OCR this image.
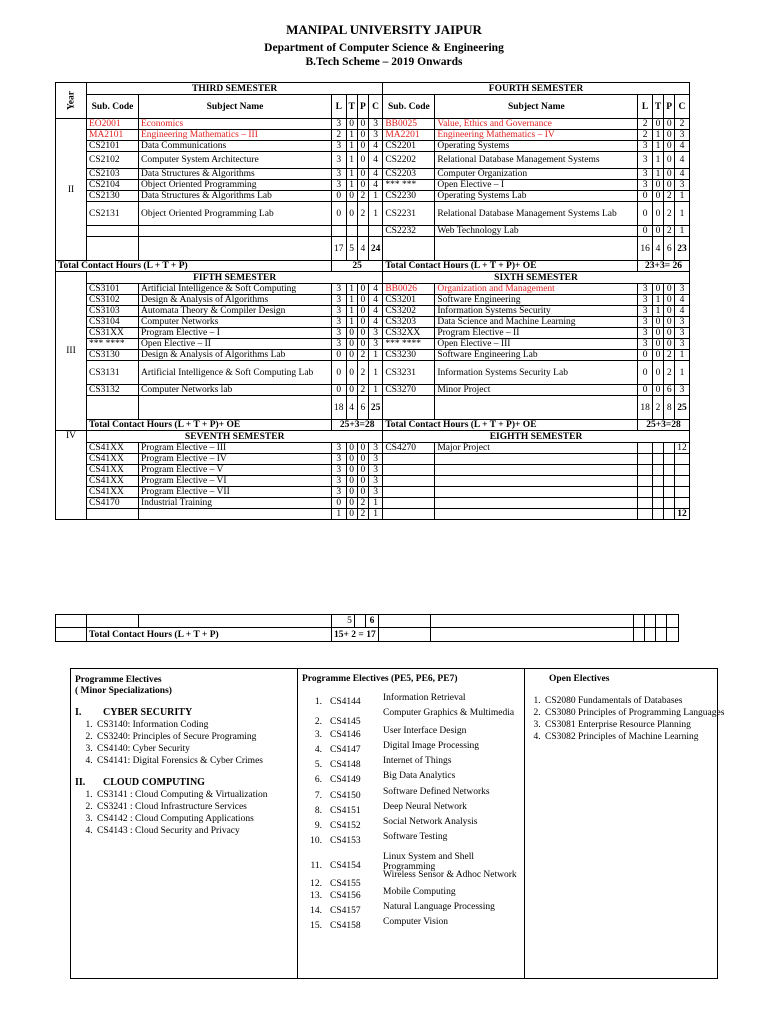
MANIPAL UNIVERSITY JAIPUR
Department of Computer Science & Engineering
B.Tech Scheme – 2019 Onwards
Year	THIRD SEMESTER						FOURTH SEMESTER					
	Sub. Code	Subject Name	L	T	P	C	Sub. Code	Subject Name	L	T	P	C
II	EO2001	Economics	3	0	0	3	BB0025	Value, Ethics and Governance	2	0	0	2
	MA2101	Engineering Mathematics – III	2	1	0	3	MA2201	Engineering Mathematics – IV	2	1	0	3
	CS2101	Data Communications	3	1	0	4	CS2201	Operating Systems	3	1	0	4
	CS2102	Computer System Architecture	3	1	0	4	CS2202	Relational Database Management Systems	3	1	0	4
	CS2103	Data Structures & Algorithms	3	1	0	4	CS2203	Computer Organization	3	1	0	4
	CS2104	Object Oriented Programming	3	1	0	4	*** ***	Open Elective – I	3	0	0	3
	CS2130	Data Structures & Algorithms Lab	0	0	2	1	CS2230	Operating Systems Lab	0	0	2	1
	CS2131	Object Oriented Programming Lab	0	0	2	1	CS2231	Relational Database Management Systems Lab	0	0	2	1
							CS2232	Web Technology Lab	0	0	2	1
			17	5	4	24			16	4	6	23
Total Contact Hours (L + T + P)			25				Total Contact Hours (L + T + P)+ OE		23+3= 26			
III	FIFTH SEMESTER						SIXTH SEMESTER					
	CS3101	Artificial Intelligence & Soft Computing	3	1	0	4	BB0026	Organization and Management	3	0	0	3
	CS3102	Design & Analysis of Algorithms	3	1	0	4	CS3201	Software Engineering	3	1	0	4
	CS3103	Automata Theory & Compiler Design	3	1	0	4	CS3202	Information Systems Security	3	1	0	4
	CS3104	Computer Networks	3	1	0	4	CS3203	Data Science and Machine Learning	3	0	0	3
	CS31XX	Program Elective – I	3	0	0	3	CS32XX	Program Elective – II	3	0	0	3
	*** ****	Open Elective – II	3	0	0	3	*** ****	Open Elective – III	3	0	0	3
	CS3130	Design & Analysis of Algorithms Lab	0	0	2	1	CS3230	Software Engineering Lab	0	0	2	1
	CS3131	Artificial Intelligence & Soft Computing Lab	0	0	2	1	CS3231	Information Systems Security Lab	0	0	2	1
	CS3132	Computer Networks lab	0	0	2	1	CS3270	Minor Project	0	0	6	3
			18	4	6	25			18	2	8	25
	Total Contact Hours (L + T + P)+ OE		25+3=28				Total Contact Hours (L + T + P)+ OE		25+3=28			
IV	SEVENTH SEMESTER						EIGHTH SEMESTER					
	CS41XX	Program Elective – III	3	0	0	3	CS4270	Major Project				12
	CS41XX	Program Elective – IV	3	0	0	3						
	CS41XX	Program Elective – V	3	0	0	3						
	CS41XX	Program Elective – VI	3	0	0	3						
	CS41XX	Program Elective – VII	3	0	0	3						
	CS4170	Industrial Training	0	0	2	1						
			1	0	2	1						12
			5		6						
	Total Contact Hours (L + T + P)		15+ 2 = 17								
Programme Electives
( Minor Specializations)
I. CYBER SECURITY
1. CS3140: Information Coding
2. CS3240: Principles of Secure Programing
3. CS4140: Cyber Security
4. CS4141: Digital Forensics & Cyber Crimes
II. CLOUD COMPUTING
1. CS3141 : Cloud Computing & Virtualization
2. CS3241 : Cloud Infrastructure Services
3. CS4142 : Cloud Computing Applications
4. CS4143 : Cloud Security and Privacy
Programme Electives (PE5, PE6, PE7)
1. CS4144 Information Retrieval
2. CS4145
Computer Graphics & Multimedia
3. CS4146 User Interface Design
4. CS4147 Digital Image Processing
5. CS4148 Internet of Things
6. CS4149 Big Data Analytics
7. CS4150 Software Defined Networks
8. CS4151 Deep Neural Network
9. CS4152 Social Network Analysis
10. CS4153 Software Testing
11. CS4154
Linux System and Shell Programming
12. CS4155
Wireless Sensor & Adhoc Network
13. CS4156 Mobile Computing
14. CS4157 Natural Language Processing
15. CS4158 Computer Vision
Open Electives
1. CS2080 Fundamentals of Databases
2. CS3080 Principles of Programming Languages
3. CS3081 Enterprise Resource Planning
4. CS3082 Principles of Machine Learning
